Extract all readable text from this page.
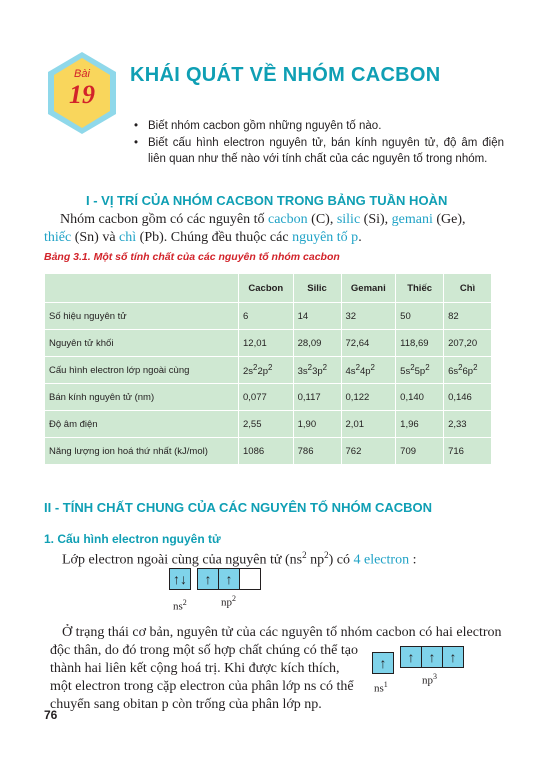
Bài
19
KHÁI QUÁT VỀ NHÓM CACBON
• Biết nhóm cacbon gồm những nguyên tố nào.
• Biết cấu hình electron nguyên tử, bán kính nguyên tử, độ âm điện liên quan như thế nào với tính chất của các nguyên tố trong nhóm.
I - VỊ TRÍ CỦA NHÓM CACBON TRONG BẢNG TUẦN HOÀN
Nhóm cacbon gồm có các nguyên tố cacbon (C), silic (Si), gemani (Ge),
thiếc (Sn) và chì (Pb). Chúng đều thuộc các nguyên tố p.
Bảng 3.1. Một số tính chất của các nguyên tố nhóm cacbon
	Cacbon	Silic	Gemani	Thiếc	Chì
Số hiệu nguyên tử	6	14	32	50	82
Nguyên tử khối	12,01	28,09	72,64	118,69	207,20
Cấu hình electron lớp ngoài cùng	$2s^22p^2$	$3s^23p^2$	$4s^24p^2$	$5s^25p^2$	$6s^26p^2$
Bán kính nguyên tử (nm)	0,077	0,117	0,122	0,140	0,146
Độ âm điện	2,55	1,90	2,01	1,96	2,33
Năng lượng ion hoá thứ nhất (kJ/mol)	1086	786	762	709	716
II - TÍNH CHẤT CHUNG CỦA CÁC NGUYÊN TỐ NHÓM CACBON
1. Cấu hình electron nguyên tử
Lớp electron ngoài cùng của nguyên tử ($ns^2$ $np^2$) có 4 electron :
↑↓	↑	↑
$ns^2$	$np^2$
Ở trạng thái cơ bản, nguyên tử của các nguyên tố nhóm cacbon có hai electron
độc thân, do đó trong một số hợp chất chúng có thể tạo
thành hai liên kết cộng hoá trị. Khi được kích thích,
một electron trong cặp electron của phân lớp ns có thể
chuyển sang obitan p còn trống của phân lớp np.
↑	↑	↑	↑
$ns^1$	$np^3$
76
